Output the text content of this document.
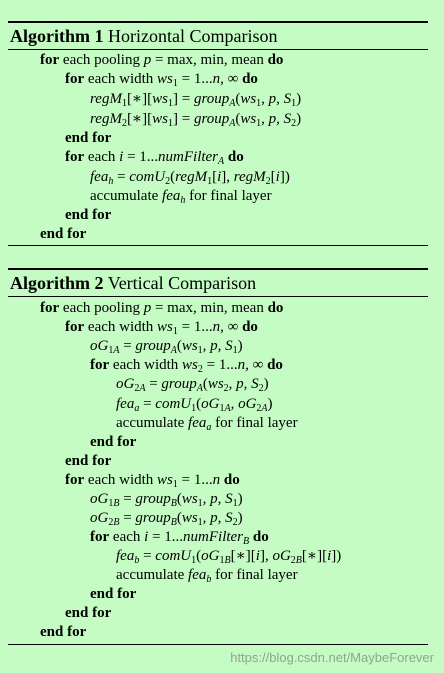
Algorithm 1 Horizontal Comparison
for each pooling p = max, min, mean do
for each width $ws_1 = 1...n$, ∞ do
$regM_1[∗][ws_1]$ = $group_A(ws_1$, p, $S_1$)
$regM_2[∗][ws_1]$ = $group_A(ws_1$, p, $S_2$)
end for
for each i = 1...numFilter$_A$ do
fea$_h$ = comU$_2$(regM$_1$[i], regM$_2$[i])
accumulate fea$_h$ for final layer
end for
end for
Algorithm 2 Vertical Comparison
for each pooling p = max, min, mean do
for each width $ws_1 = 1...n$, ∞ do
$oG_{1A}$ = $group_A(ws_1$, p, $S_1$)
for each width $ws_2 = 1...n$, ∞ do
$oG_{2A}$ = $group_A(ws_2$, p, $S_2$)
$fea_a = comU_1(oG_{1A}$, $oG_{2A}$)
accumulate fea$_a$ for final layer
end for
end for
for each width $ws_1 = 1...n$ do
$oG_{1B}$ = $group_B(ws_1$, p, $S_1$)
$oG_{2B}$ = $group_B(ws_1$, p, $S_2$)
for each i = 1...numFilter$_B$ do
$fea_b = comU_1(oG_{1B}[∗][i]$, $oG_{2B}[∗][i]$)
accumulate fea$_b$ for final layer
end for
end for
end for
https://blog.csdn.net/MaybeForever
